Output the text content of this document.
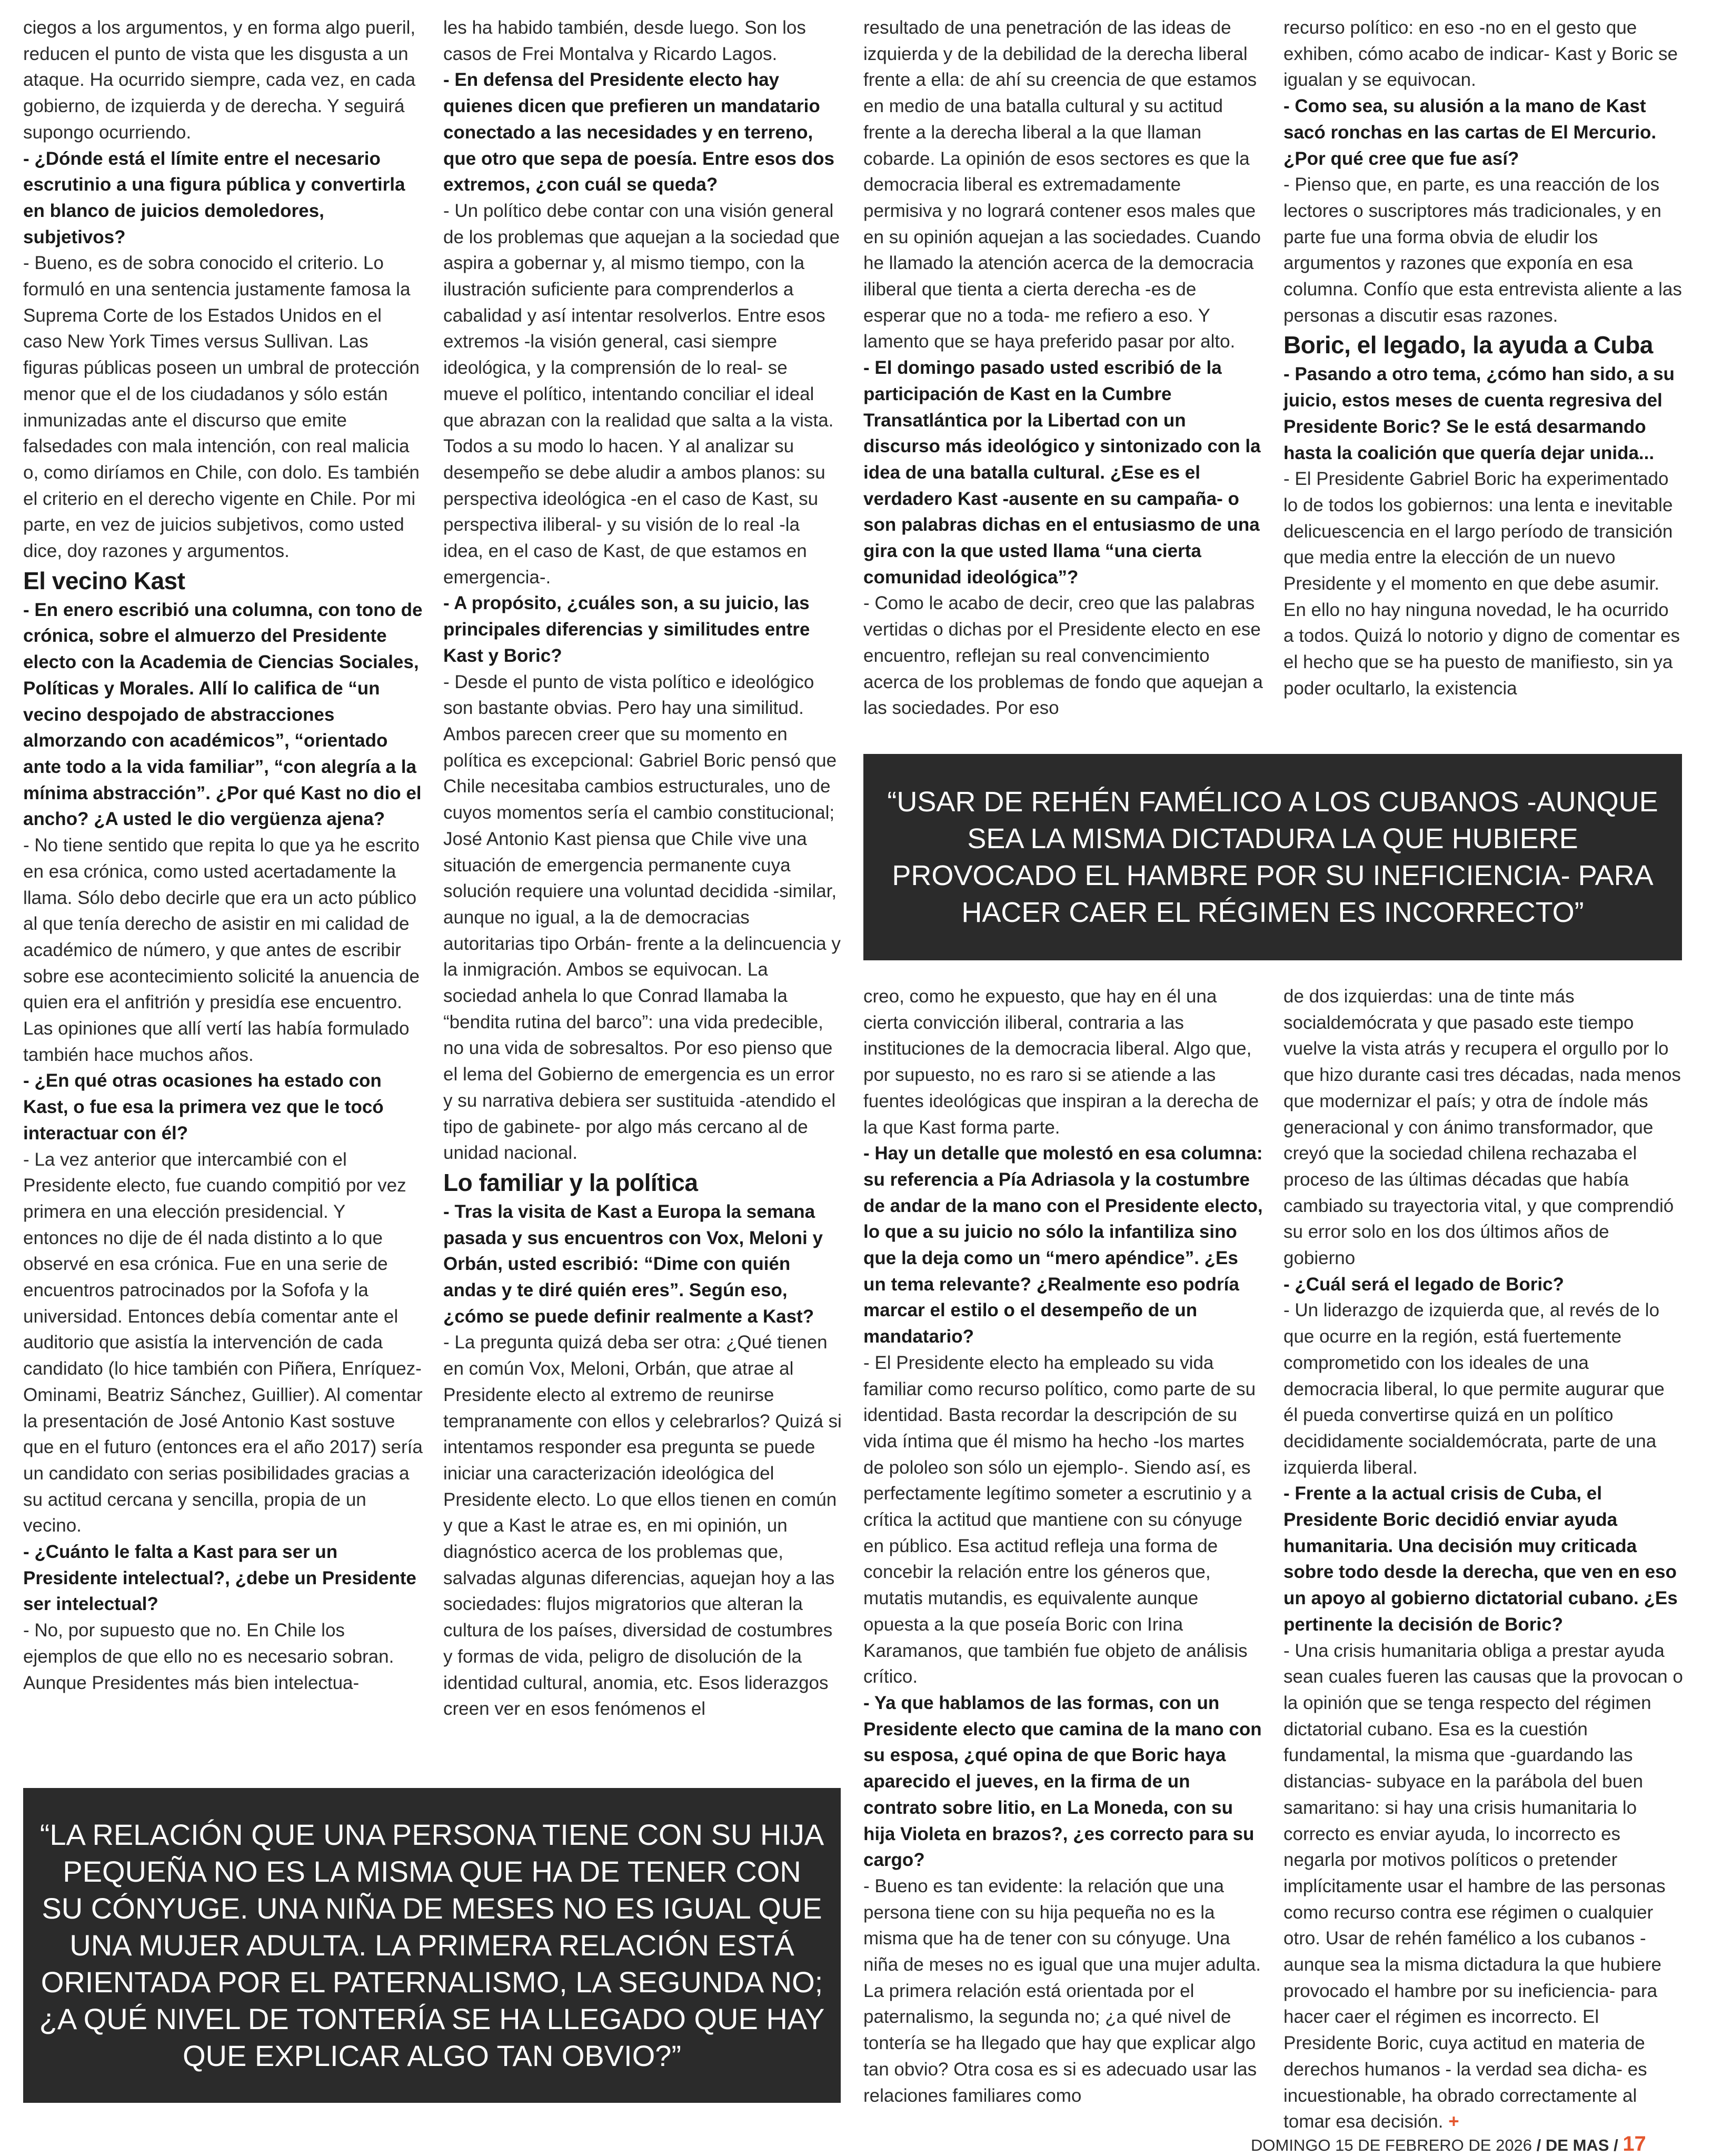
ciegos a los argumentos, y en forma algo pueril, reducen el punto de vista que les disgusta a un ataque. Ha ocurrido siempre, cada vez, en cada gobierno, de izquierda y de derecha. Y seguirá supongo ocurriendo.

- ¿Dónde está el límite entre el necesario escrutinio a una figura pública y convertirla en blanco de juicios demoledores, subjetivos?

- Bueno, es de sobra conocido el criterio. Lo formuló en una sentencia justamente famosa la Suprema Corte de los Estados Unidos en el caso New York Times versus Sullivan. Las figuras públicas poseen un umbral de protección menor que el de los ciudadanos y sólo están inmunizadas ante el discurso que emite falsedades con mala intención, con real malicia o, como diríamos en Chile, con dolo. Es también el criterio en el derecho vigente en Chile. Por mi parte, en vez de juicios subjetivos, como usted dice, doy razones y argumentos.

El vecino Kast

- En enero escribió una columna, con tono de crónica, sobre el almuerzo del Presidente electo con la Academia de Ciencias Sociales, Políticas y Morales. Allí lo califica de “un vecino despojado de abstracciones almorzando con académicos”, “orientado ante todo a la vida familiar”, “con alegría a la mínima abstracción”. ¿Por qué Kast no dio el ancho? ¿A usted le dio vergüenza ajena?

- No tiene sentido que repita lo que ya he escrito en esa crónica, como usted acertadamente la llama. Sólo debo decirle que era un acto público al que tenía derecho de asistir en mi calidad de académico de número, y que antes de escribir sobre ese acontecimiento solicité la anuencia de quien era el anfitrión y presidía ese encuentro. Las opiniones que allí vertí las había formulado también hace muchos años.

- ¿En qué otras ocasiones ha estado con Kast, o fue esa la primera vez que le tocó interactuar con él?

- La vez anterior que intercambié con el Presidente electo, fue cuando compitió por vez primera en una elección presidencial. Y entonces no dije de él nada distinto a lo que observé en esa crónica. Fue en una serie de encuentros patrocinados por la Sofofa y la universidad. Entonces debía comentar ante el auditorio que asistía la intervención de cada candidato (lo hice también con Piñera, Enríquez-Ominami, Beatriz Sánchez, Guillier). Al comentar la presentación de José Antonio Kast sostuve que en el futuro (entonces era el año 2017) sería un candidato con serias posibilidades gracias a su actitud cercana y sencilla, propia de un vecino.

- ¿Cuánto le falta a Kast para ser un Presidente intelectual?, ¿debe un Presidente ser intelectual?

- No, por supuesto que no. En Chile los ejemplos de que ello no es necesario sobran. Aunque Presidentes más bien intelectua-

les ha habido también, desde luego. Son los casos de Frei Montalva y Ricardo Lagos.

- En defensa del Presidente electo hay quienes dicen que prefieren un mandatario conectado a las necesidades y en terreno, que otro que sepa de poesía. Entre esos dos extremos, ¿con cuál se queda?

- Un político debe contar con una visión general de los problemas que aquejan a la sociedad que aspira a gobernar y, al mismo tiempo, con la ilustración suficiente para comprenderlos a cabalidad y así intentar resolverlos. Entre esos extremos -la visión general, casi siempre ideológica, y la comprensión de lo real- se mueve el político, intentando conciliar el ideal que abrazan con la realidad que salta a la vista. Todos a su modo lo hacen. Y al analizar su desempeño se debe aludir a ambos planos: su perspectiva ideológica -en el caso de Kast, su perspectiva iliberal- y su visión de lo real -la idea, en el caso de Kast, de que estamos en emergencia-.

- A propósito, ¿cuáles son, a su juicio, las principales diferencias y similitudes entre Kast y Boric?

- Desde el punto de vista político e ideológico son bastante obvias. Pero hay una similitud. Ambos parecen creer que su momento en política es excepcional: Gabriel Boric pensó que Chile necesitaba cambios estructurales, uno de cuyos momentos sería el cambio constitucional; José Antonio Kast piensa que Chile vive una situación de emergencia permanente cuya solución requiere una voluntad decidida -similar, aunque no igual, a la de democracias autoritarias tipo Orbán- frente a la delincuencia y la inmigración. Ambos se equivocan. La sociedad anhela lo que Conrad llamaba la “bendita rutina del barco”: una vida predecible, no una vida de sobresaltos. Por eso pienso que el lema del Gobierno de emergencia es un error y su narrativa debiera ser sustituida -atendido el tipo de gabinete- por algo más cercano al de unidad nacional.

Lo familiar y la política

- Tras la visita de Kast a Europa la semana pasada y sus encuentros con Vox, Meloni y Orbán, usted escribió: “Dime con quién andas y te diré quién eres”. Según eso, ¿cómo se puede definir realmente a Kast?

- La pregunta quizá deba ser otra: ¿Qué tienen en común Vox, Meloni, Orbán, que atrae al Presidente electo al extremo de reunirse tempranamente con ellos y celebrarlos? Quizá si intentamos responder esa pregunta se puede iniciar una caracterización ideológica del Presidente electo. Lo que ellos tienen en común y que a Kast le atrae es, en mi opinión, un diagnóstico acerca de los problemas que, salvadas algunas diferencias, aquejan hoy a las sociedades: flujos migratorios que alteran la cultura de los países, diversidad de costumbres y formas de vida, peligro de disolución de la identidad cultural, anomia, etc. Esos liderazgos creen ver en esos fenómenos el

resultado de una penetración de las ideas de izquierda y de la debilidad de la derecha liberal frente a ella: de ahí su creencia de que estamos en medio de una batalla cultural y su actitud frente a la derecha liberal a la que llaman cobarde. La opinión de esos sectores es que la democracia liberal es extremadamente permisiva y no logrará contener esos males que en su opinión aquejan a las sociedades. Cuando he llamado la atención acerca de la democracia iliberal que tienta a cierta derecha -es de esperar que no a toda- me refiero a eso. Y lamento que se haya preferido pasar por alto.

- El domingo pasado usted escribió de la participación de Kast en la Cumbre Transatlántica por la Libertad con un discurso más ideológico y sintonizado con la idea de una batalla cultural. ¿Ese es el verdadero Kast -ausente en su campaña- o son palabras dichas en el entusiasmo de una gira con la que usted llama “una cierta comunidad ideológica”?

- Como le acabo de decir, creo que las palabras vertidas o dichas por el Presidente electo en ese encuentro, reflejan su real convencimiento acerca de los problemas de fondo que aquejan a las sociedades. Por eso

recurso político: en eso -no en el gesto que exhiben, cómo acabo de indicar- Kast y Boric se igualan y se equivocan.

- Como sea, su alusión a la mano de Kast sacó ronchas en las cartas de El Mercurio. ¿Por qué cree que fue así?

- Pienso que, en parte, es una reacción de los lectores o suscriptores más tradicionales, y en parte fue una forma obvia de eludir los argumentos y razones que exponía en esa columna. Confío que esta entrevista aliente a las personas a discutir esas razones.

Boric, el legado, la ayuda a Cuba

- Pasando a otro tema, ¿cómo han sido, a su juicio, estos meses de cuenta regresiva del Presidente Boric? Se le está desarmando hasta la coalición que quería dejar unida...

- El Presidente Gabriel Boric ha experimentado lo de todos los gobiernos: una lenta e inevitable delicuescencia en el largo período de transición que media entre la elección de un nuevo Presidente y el momento en que debe asumir. En ello no hay ninguna novedad, le ha ocurrido a todos. Quizá lo notorio y digno de comentar es el hecho que se ha puesto de manifiesto, sin ya poder ocultarlo, la existencia

“USAR DE REHÉN FAMÉLICO A LOS CUBANOS -AUNQUE SEA LA MISMA DICTADURA LA QUE HUBIERE PROVOCADO EL HAMBRE POR SU INEFICIENCIA- PARA HACER CAER EL RÉGIMEN ES INCORRECTO”

creo, como he expuesto, que hay en él una cierta convicción iliberal, contraria a las instituciones de la democracia liberal. Algo que, por supuesto, no es raro si se atiende a las fuentes ideológicas que inspiran a la derecha de la que Kast forma parte.

- Hay un detalle que molestó en esa columna: su referencia a Pía Adriasola y la costumbre de andar de la mano con el Presidente electo, lo que a su juicio no sólo la infantiliza sino que la deja como un “mero apéndice”. ¿Es un tema relevante? ¿Realmente eso podría marcar el estilo o el desempeño de un mandatario?

- El Presidente electo ha empleado su vida familiar como recurso político, como parte de su identidad. Basta recordar la descripción de su vida íntima que él mismo ha hecho -los martes de pololeo son sólo un ejemplo-. Siendo así, es perfectamente legítimo someter a escrutinio y a crítica la actitud que mantiene con su cónyuge en público. Esa actitud refleja una forma de concebir la relación entre los géneros que, mutatis mutandis, es equivalente aunque opuesta a la que poseía Boric con Irina Karamanos, que también fue objeto de análisis crítico.

- Ya que hablamos de las formas, con un Presidente electo que camina de la mano con su esposa, ¿qué opina de que Boric haya aparecido el jueves, en la firma de un contrato sobre litio, en La Moneda, con su hija Violeta en brazos?, ¿es correcto para su cargo?

- Bueno es tan evidente: la relación que una persona tiene con su hija pequeña no es la misma que ha de tener con su cónyuge. Una niña de meses no es igual que una mujer adulta. La primera relación está orientada por el paternalismo, la segunda no; ¿a qué nivel de tontería se ha llegado que hay que explicar algo tan obvio? Otra cosa es si es adecuado usar las relaciones familiares como

de dos izquierdas: una de tinte más socialdemócrata y que pasado este tiempo vuelve la vista atrás y recupera el orgullo por lo que hizo durante casi tres décadas, nada menos que modernizar el país; y otra de índole más generacional y con ánimo transformador, que creyó que la sociedad chilena rechazaba el proceso de las últimas décadas que había cambiado su trayectoria vital, y que comprendió su error solo en los dos últimos años de gobierno

- ¿Cuál será el legado de Boric?

- Un liderazgo de izquierda que, al revés de lo que ocurre en la región, está fuertemente comprometido con los ideales de una democracia liberal, lo que permite augurar que él pueda convertirse quizá en un político decididamente socialdemócrata, parte de una izquierda liberal.

- Frente a la actual crisis de Cuba, el Presidente Boric decidió enviar ayuda humanitaria. Una decisión muy criticada sobre todo desde la derecha, que ven en eso un apoyo al gobierno dictatorial cubano. ¿Es pertinente la decisión de Boric?

- Una crisis humanitaria obliga a prestar ayuda sean cuales fueren las causas que la provocan o la opinión que se tenga respecto del régimen dictatorial cubano. Esa es la cuestión fundamental, la misma que -guardando las distancias- subyace en la parábola del buen samaritano: si hay una crisis humanitaria lo correcto es enviar ayuda, lo incorrecto es negarla por motivos políticos o pretender implícitamente usar el hambre de las personas como recurso contra ese régimen o cualquier otro. Usar de rehén famélico a los cubanos -aunque sea la misma dictadura la que hubiere provocado el hambre por su ineficiencia- para hacer caer el régimen es incorrecto. El Presidente Boric, cuya actitud en materia de derechos humanos - la verdad sea dicha- es incuestionable, ha obrado correctamente al tomar esa decisión. +

“LA RELACIÓN QUE UNA PERSONA TIENE CON SU HIJA PEQUEÑA NO ES LA MISMA QUE HA DE TENER CON SU CÓNYUGE. UNA NIÑA DE MESES NO ES IGUAL QUE UNA MUJER ADULTA. LA PRIMERA RELACIÓN ESTÁ ORIENTADA POR EL PATERNALISMO, LA SEGUNDA NO; ¿A QUÉ NIVEL DE TONTERÍA SE HA LLEGADO QUE HAY QUE EXPLICAR ALGO TAN OBVIO?”
DOMINGO 15 DE FEBRERO DE 2026 / DE MAS / 17
